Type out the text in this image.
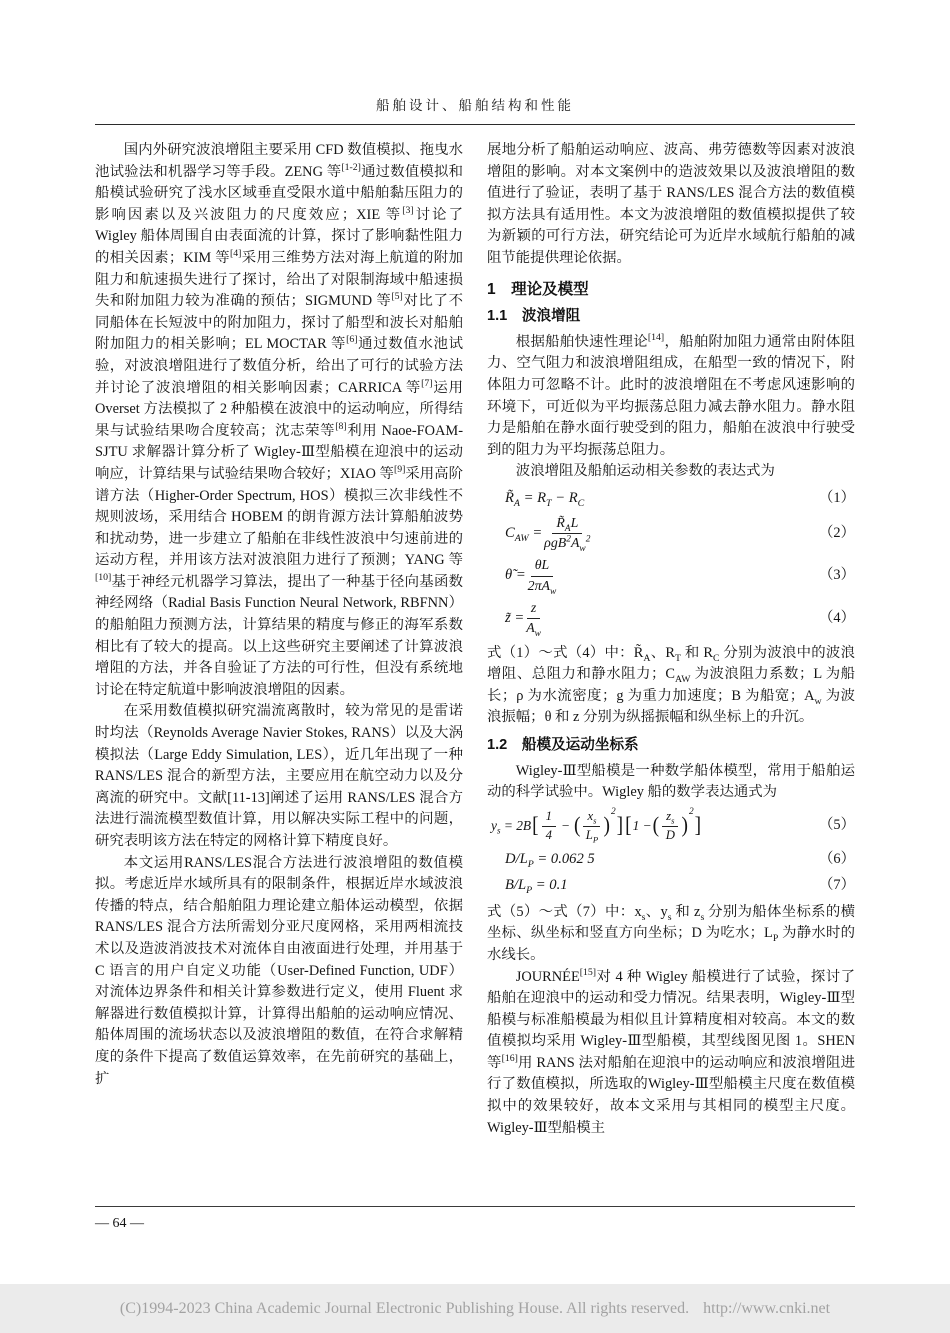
船舶设计、船舶结构和性能

国内外研究波浪增阻主要采用 CFD 数值模拟、拖曳水池试验法和机器学习等手段。ZENG 等[1-2]通过数值模拟和船模试验研究了浅水区域垂直受限水道中船舶黏压阻力的影响因素以及兴波阻力的尺度效应；XIE 等[3]讨论了 Wigley 船体周围自由表面流的计算，探讨了影响黏性阻力的相关因素；KIM 等[4]采用三维势方法对海上航道的附加阻力和航速损失进行了探讨，给出了对限制海域中船速损失和附加阻力较为准确的预估；SIGMUND 等[5]对比了不同船体在长短波中的附加阻力，探讨了船型和波长对船舶附加阻力的相关影响；EL MOCTAR 等[6]通过数值水池试验，对波浪增阻进行了数值分析，给出了可行的试验方法并讨论了波浪增阻的相关影响因素；CARRICA 等[7]运用 Overset 方法模拟了 2 种船模在波浪中的运动响应，所得结果与试验结果吻合度较高；沈志荣等[8]利用 Naoe-FOAM-SJTU 求解器计算分析了 Wigley-Ⅲ型船模在迎浪中的运动响应，计算结果与试验结果吻合较好；XIAO 等[9]采用高阶谱方法（Higher-Order Spectrum, HOS）模拟三次非线性不规则波场，采用结合 HOBEM 的朗肯源方法计算船舶波势和扰动势，进一步建立了船舶在非线性波浪中匀速前进的运动方程，并用该方法对波浪阻力进行了预测；YANG 等[10]基于神经元机器学习算法，提出了一种基于径向基函数神经网络（Radial Basis Function Neural Network, RBFNN）的船舶阻力预测方法，计算结果的精度与修正的海军系数相比有了较大的提高。以上这些研究主要阐述了计算波浪增阻的方法，并各自验证了方法的可行性，但没有系统地讨论在特定航道中影响波浪增阻的因素。

在采用数值模拟研究湍流离散时，较为常见的是雷诺时均法（Reynolds Average Navier Stokes, RANS）以及大涡模拟法（Large Eddy Simulation, LES），近几年出现了一种 RANS/LES 混合的新型方法，主要应用在航空动力以及分离流的研究中。文献[11-13]阐述了运用 RANS/LES 混合方法进行湍流模型数值计算，用以解决实际工程中的问题，研究表明该方法在特定的网格计算下精度良好。

本文运用RANS/LES混合方法进行波浪增阻的数值模拟。考虑近岸水域所具有的限制条件，根据近岸水域波浪传播的特点，结合船舶阻力理论建立船体运动模型，依据 RANS/LES 混合方法所需划分亚尺度网格，采用两相流技术以及造波消波技术对流体自由液面进行处理，并用基于 C 语言的用户自定义功能（User-Defined Function, UDF）对流体边界条件和相关计算参数进行定义，使用 Fluent 求解器进行数值模拟计算，计算得出船舶的运动响应情况、船体周围的流场状态以及波浪增阻的数值，在符合求解精度的条件下提高了数值运算效率，在先前研究的基础上，扩

展地分析了船舶运动响应、波高、弗劳德数等因素对波浪增阻的影响。对本文案例中的造波效果以及波浪增阻的数值进行了验证，表明了基于 RANS/LES 混合方法的数值模拟方法具有适用性。本文为波浪增阻的数值模拟提供了较为新颖的可行方法，研究结论可为近岸水域航行船舶的减阻节能提供理论依据。

1　理论及模型
1.1　波浪增阻

根据船舶快速性理论[14]，船舶附加阻力通常由附体阻力、空气阻力和波浪增阻组成，在船型一致的情况下，附体阻力可忽略不计。此时的波浪增阻在不考虑风速影响的环境下，可近似为平均振荡总阻力减去静水阻力。静水阻力是船舶在静水面行驶受到的阻力，船舶在波浪中行驶受到的阻力为平均振荡总阻力。

波浪增阻及船舶运动相关参数的表达式为

$R̃_A = R_T - R_C$	（1）
$C_{AW} = \frac{R̃_AL}{\rho gB^2A_w^2}$	（2）
θ̃ = $\frac{\theta L}{2\pi A_w}$	（3）
z̃ = $\frac{z}{A_w}$	（4）

式（1）～式（4）中：$R̃_A$、$R_T$ 和 $R_C$ 分别为波浪中的波浪增阻、总阻力和静水阻力；$C_{AW}$ 为波浪阻力系数；L 为船长；ρ 为水流密度；g 为重力加速度；B 为船宽；$A_w$ 为波浪振幅；θ 和 z 分别为纵摇振幅和纵坐标上的升沉。

1.2　船模及运动坐标系

Wigley-Ⅲ型船模是一种数学船体模型，常用于船舶运动的科学试验中。Wigley 船的数学表达通式为

$y_s = 2B$ [ $\frac{1}{4}$ − ( $\frac{x_s}{L_P}$ )
2
] [ 1 − ( $\frac{z_s}{D}$ )
2
]	（5）
$D/L_P = 0.062$ 5	（6）
$B/L_P = 0.1$	（7）

式（5）～式（7）中：$x_s$、$y_s$ 和 $z_s$ 分别为船体坐标系的横坐标、纵坐标和竖直方向坐标；D 为吃水；$L_P$ 为静水时的水线长。

JOURNÉE[15]对 4 种 Wigley 船模进行了试验，探讨了船舶在迎浪中的运动和受力情况。结果表明，Wigley-Ⅲ型船模与标准船模最为相似且计算精度相对较高。本文的数值模拟均采用 Wigley-Ⅲ型船模，其型线图见图 1。SHEN 等[16]用 RANS 法对船舶在迎浪中的运动响应和波浪增阻进行了数值模拟，所选取的Wigley-Ⅲ型船模主尺度在数值模拟中的效果较好，故本文采用与其相同的模型主尺度。Wigley-Ⅲ型船模主

— 64 —
(C)1994-2023 China Academic Journal Electronic Publishing House. All rights reserved. http://www.cnki.net
